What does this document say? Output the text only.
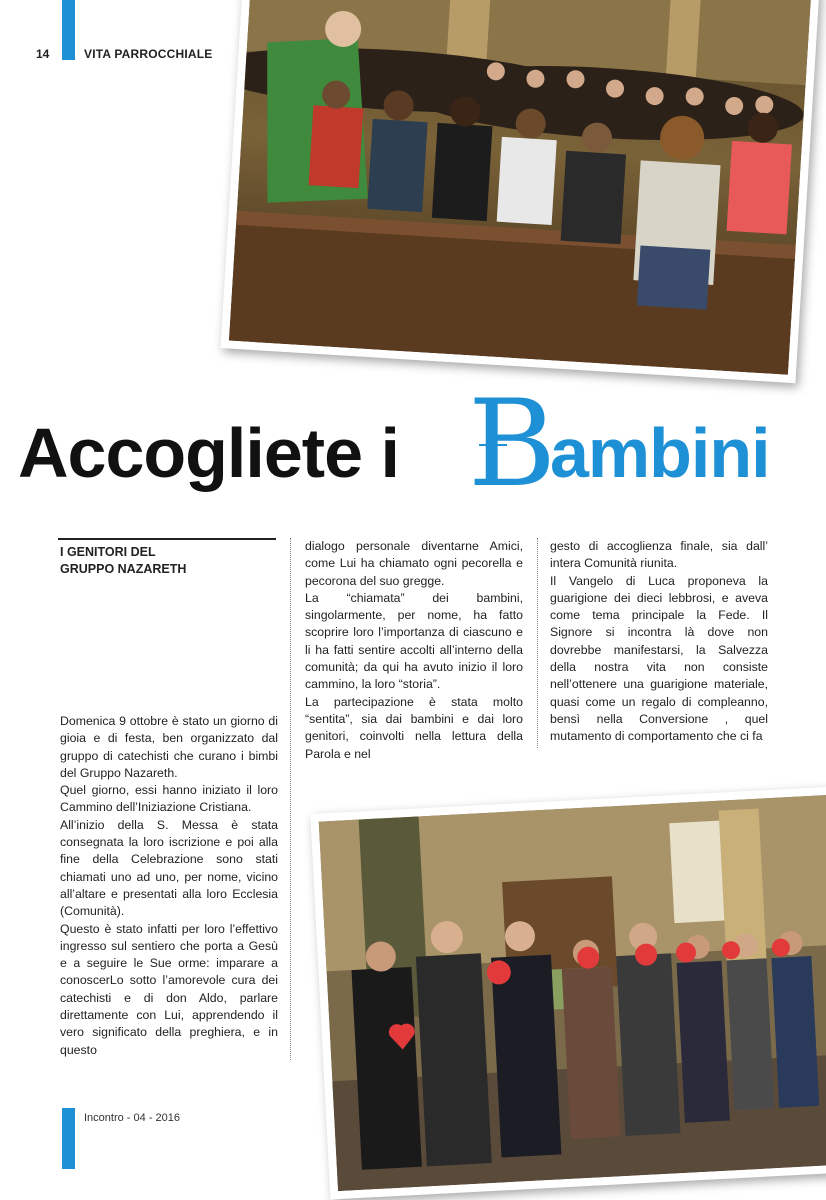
14	VITA PARROCCHIALE
Accogliete i B
ambini
I GENITORI DEL
GRUPPO NAZARETH

Domenica 9 ottobre è stato un giorno di gioia e di festa, ben organizzato dal gruppo di catechisti che curano i bimbi del Gruppo Nazareth.

Quel giorno, essi hanno iniziato il loro Cammino dell’Iniziazione Cristiana.

All’inizio della S. Messa è stata consegnata la loro iscrizione e poi alla fine della Celebrazione sono stati chiamati uno ad uno, per nome, vicino all’altare e presentati alla loro Ecclesia (Comunità).

Questo è stato infatti per loro l’effettivo ingresso sul sentiero che porta a Gesù e a seguire le Sue orme: imparare a conoscerLo sotto l’amorevole cura dei catechisti e di don Aldo, parlare direttamente con Lui, apprendendo il vero significato della preghiera, e in questo

dialogo personale diventarne Amici, come Lui ha chiamato ogni pecorella e pecorona del suo gregge.

La “chiamata” dei bambini, singolarmente, per nome, ha fatto scoprire loro l’importanza di ciascuno e li ha fatti sentire accolti all’interno della comunità; da qui ha avuto inizio il loro cammino, la loro “storia”.

La partecipazione è stata molto “sentita”, sia dai bambini e dai loro genitori, coinvolti nella lettura della Parola e nel

gesto di accoglienza finale, sia dall’ intera Comunità riunita.

Il Vangelo di Luca proponeva la guarigione dei dieci lebbrosi, e aveva come tema principale la Fede. Il Signore si incontra là dove non dovrebbe manifestarsi, la Salvezza della nostra vita non consiste nell’ottenere una guarigione materiale, quasi come un regalo di compleanno, bensì nella Conversione , quel mutamento di comportamento che ci fa

Incontro - 04 - 2016
